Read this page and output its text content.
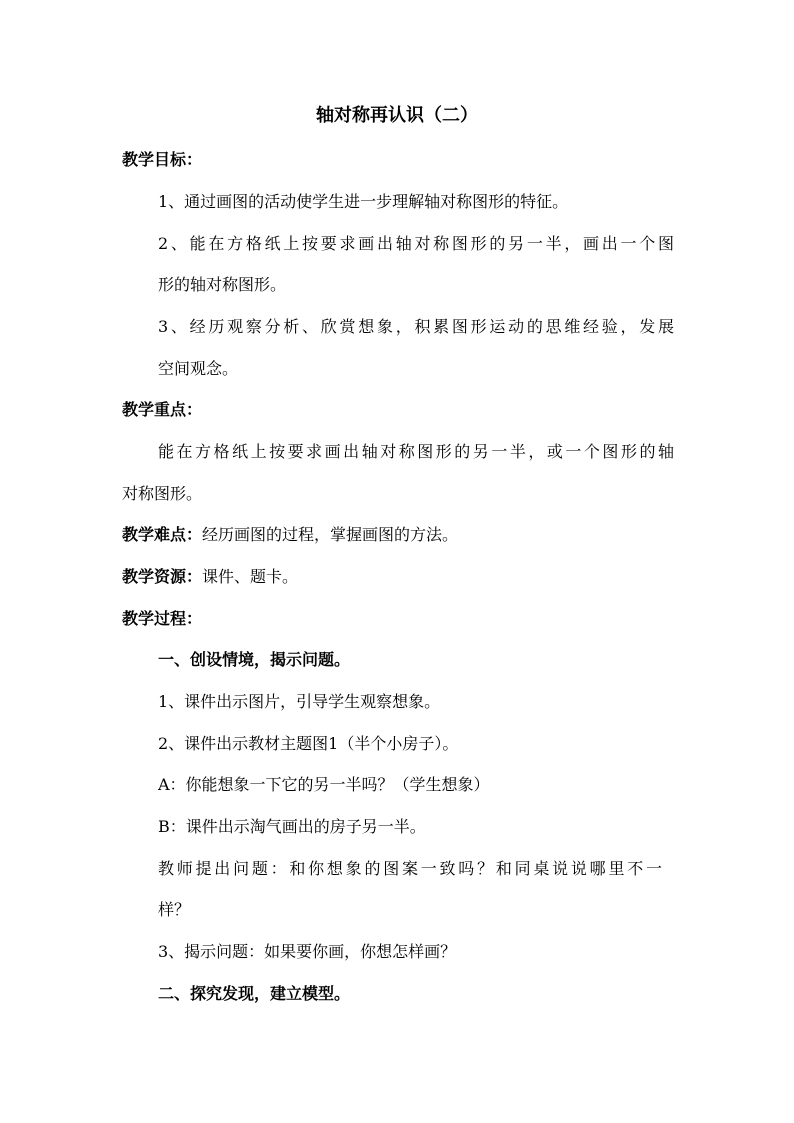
轴对称再认识（二）
教学目标：
1、通过画图的活动使学生进一步理解轴对称图形的特征。
2、能在方格纸上按要求画出轴对称图形的另一半，画出一个图
形的轴对称图形。
3、经历观察分析、欣赏想象，积累图形运动的思维经验，发展
空间观念。
教学重点：
能在方格纸上按要求画出轴对称图形的另一半，或一个图形的轴
对称图形。
教学难点：经历画图的过程，掌握画图的方法。
教学资源：课件、题卡。
教学过程：
一、创设情境，揭示问题。
1、课件出示图片，引导学生观察想象。
2、课件出示教材主题图1（半个小房子）。
A：你能想象一下它的另一半吗？（学生想象）
B：课件出示淘气画出的房子另一半。
教师提出问题：和你想象的图案一致吗？和同桌说说哪里不一
样？
3、揭示问题：如果要你画，你想怎样画？
二、探究发现，建立模型。
